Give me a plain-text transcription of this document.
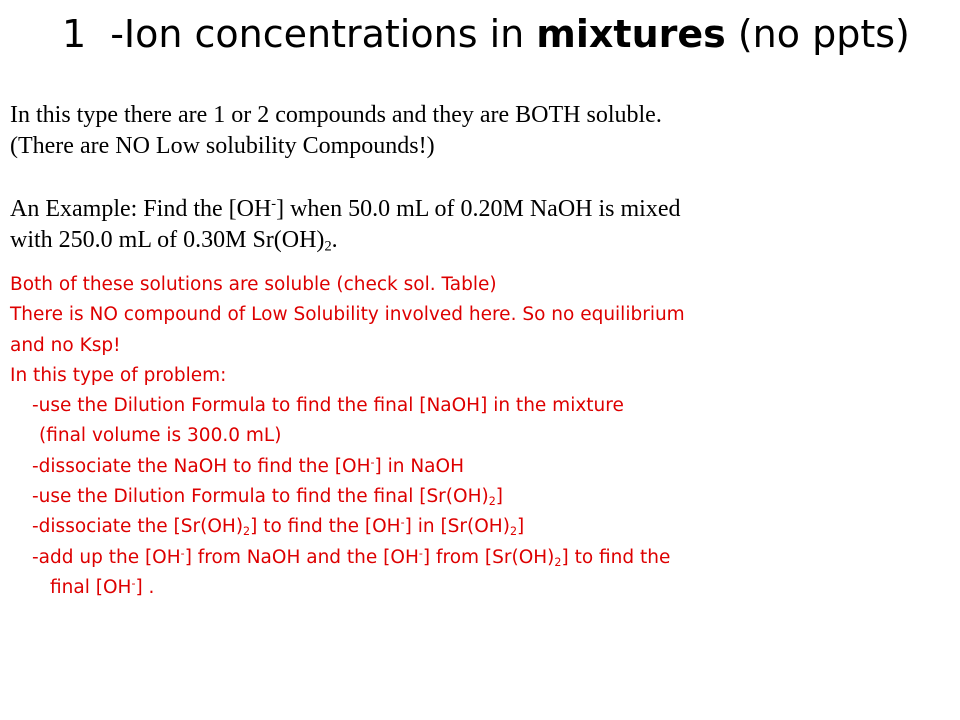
1 -Ion concentrations in mixtures (no ppts)

In this type there are 1 or 2 compounds and they are BOTH soluble.
(There are NO Low solubility Compounds!)

An Example: Find the [OH-] when 50.0 mL of 0.20M NaOH is mixed
with 250.0 mL of 0.30M $Sr(OH)_2$.

Both of these solutions are soluble (check sol. Table)
There is NO compound of Low Solubility involved here. So no equilibrium
and no Ksp!
In this type of problem:
-use the Dilution Formula to find the final [NaOH] in the mixture
(final volume is 300.0 mL)
-dissociate the NaOH to find the [OH-] in NaOH
-use the Dilution Formula to find the final $[Sr(OH)_2]$
-dissociate the $[Sr(OH)_2]$ to find the [OH-] in $[Sr(OH)_2]$
-add up the [OH-] from NaOH and the [OH-] from $[Sr(OH)_2]$ to find the
final [OH-] .
